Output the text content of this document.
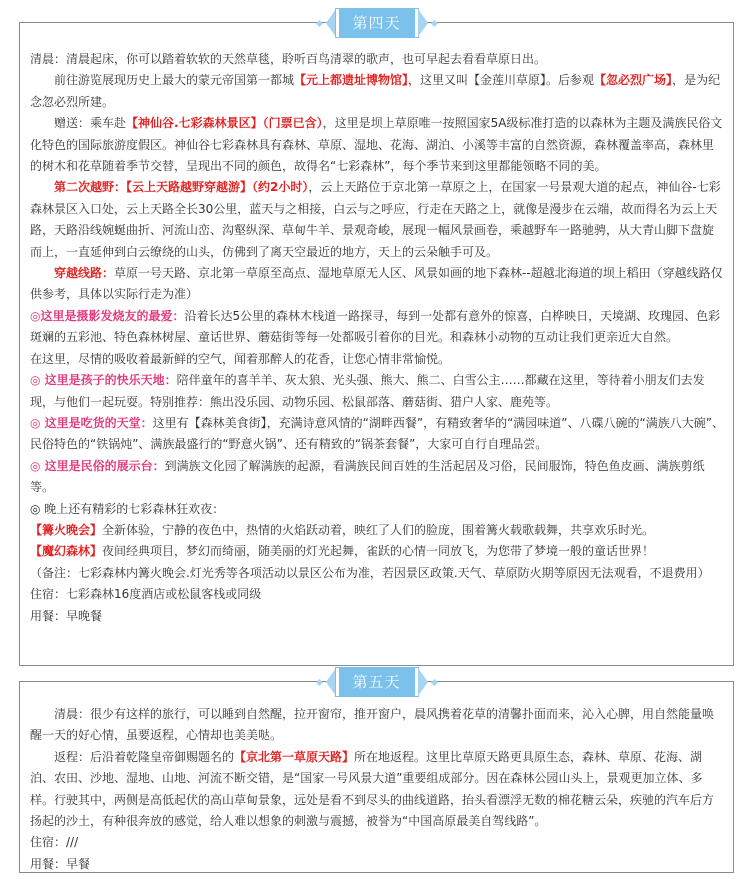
清晨：清晨起床，你可以踏着软软的天然草毯，聆听百鸟清翠的歌声，也可早起去看看草原日出。

前往游览展现历史上最大的蒙元帝国第一都城【元上都遗址博物馆】，这里又叫【金莲川草原】。后参观【忽必烈广场】，是为纪念忽必烈所建。

赠送：乘车赴【神仙谷.七彩森林景区】（门票已含），这里是坝上草原唯一按照国家5A级标准打造的以森林为主题及满族民俗文化特色的国际旅游度假区。神仙谷七彩森林具有森林、草原、湿地、花海、湖泊、小溪等丰富的自然资源，森林覆盖率高，森林里的树木和花草随着季节交替，呈现出不同的颜色，故得名“七彩森林”，每个季节来到这里都能领略不同的美。

第二次越野：【云上天路越野穿越游】（约2小时），云上天路位于京北第一草原之上，在国家一号景观大道的起点，神仙谷-七彩森林景区入口处，云上天路全长30公里，蓝天与之相接，白云与之呼应，行走在天路之上，就像是漫步在云端，故而得名为云上天路，天路沿线婉蜒曲折、河流山峦、沟壑纵深、草甸牛羊、景观奇峻，展现一幅风景画卷，乘越野车一路驰骋，从大青山脚下盘旋而上，一直延伸到白云缭绕的山头，仿佛到了离天空最近的地方，天上的云朵触手可及。

穿越线路：草原一号天路、京北第一草原至高点、湿地草原无人区、风景如画的地下森林--超越北海道的坝上稻田（穿越线路仅供参考，具体以实际行走为准）

◎这里是摄影发烧友的最爱：沿着长达5公里的森林木栈道一路探寻，每到一处都有意外的惊喜，白桦映日，天境湖、玫瑰园、色彩

斑斓的五彩池、特色森林树屋、童话世界、蘑菇街等每一处都吸引着你的目光。和森林小动物的互动让我们更亲近大自然。

在这里，尽情的吸收着最新鲜的空气，闻着那醉人的花香，让您心情非常愉悦。

◎ 这里是孩子的快乐天地：陪伴童年的喜羊羊、灰太狼、光头强、熊大、熊二、白雪公主……都藏在这里，等待着小朋友们去发现，与他们一起玩耍。特别推荐：熊出没乐园、动物乐园、松鼠部落、蘑菇街、猎户人家、鹿苑等。

◎ 这里是吃货的天堂：这里有【森林美食街】，充满诗意风情的“湖畔西餐”，有精致奢华的“满园味道”、八碟八碗的“满族八大碗”、民俗特色的“铁锅炖”、满族最盛行的“野意火锅”、还有精致的“锅茶套餐”，大家可自行自理品尝。

◎ 这里是民俗的展示台：到满族文化园了解满族的起源，看满族民间百姓的生活起居及习俗，民间服饰，特色鱼皮画、满族剪纸等。

◎ 晚上还有精彩的七彩森林狂欢夜：

【篝火晚会】全新体验，宁静的夜色中，热情的火焰跃动着，映红了人们的脸庞，围着篝火载歌载舞，共享欢乐时光。

【魔幻森林】夜间经典项目，梦幻而绮丽，随美丽的灯光起舞，雀跃的心情一同放飞，为您带了梦境一般的童话世界！

（备注：七彩森林内篝火晚会.灯光秀等各项活动以景区公布为准，若因景区政策.天气、草原防火期等原因无法观看，不退费用）

住宿：七彩森林16度酒店或松鼠客栈或同级

用餐：早晚餐

第四天

清晨：很少有这样的旅行，可以睡到自然醒，拉开窗帘，推开窗户，晨风携着花草的清馨扑面而来，沁入心脾，用自然能量唤醒一天的好心情，虽要返程，心情却也美美哒。

返程：后沿着乾隆皇帝御赐题名的【京北第一草原天路】所在地返程。这里比草原天路更具原生态，森林、草原、花海、湖泊、农田、沙地、湿地、山地、河流不断交错，是“国家一号风景大道”重要组成部分。因在森林公园山头上，景观更加立体、多样。行驶其中，两侧是高低起伏的高山草甸景象，远处是看不到尽头的曲线道路，抬头看漂浮无数的棉花糖云朵，疾驰的汽车后方扬起的沙土，有种很奔放的感觉，给人难以想象的刺激与震撼，被誉为“中国高原最美自驾线路”。

住宿：///

用餐：早餐

第五天
